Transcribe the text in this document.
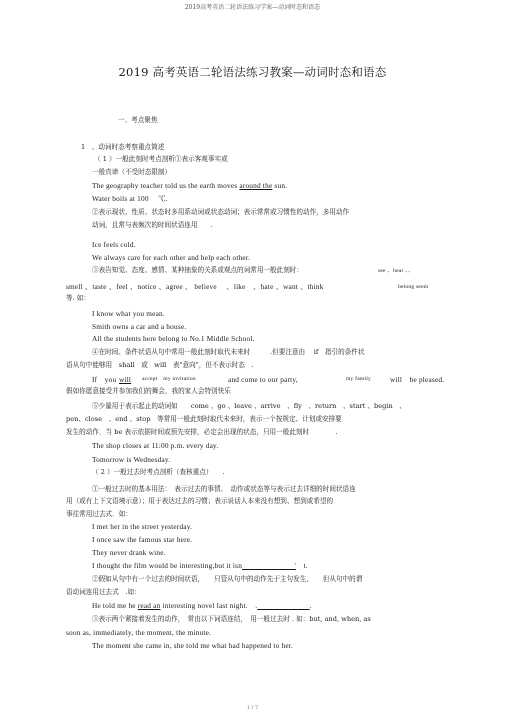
2019高考英语二轮语法练习学案—动词时态和语态
2019 高考英语二轮语法练习教案—动词时态和语态
一、考点聚焦
1　、动词时态考察重点简述
（ 1 ）一般此刻时考点剖析①表示客观事实或
一般真谛（不受时态限制）
The geography teacher told us the earth moves around the sun.
Water boils at 100　 ℃.
②表示现状、性质、状态时多用系动词或状态动词；表示常常或习惯性的动作，多用动作
动词，且常与表频次的时间状语连用　　.
Ice feels cold.
We always care for each other and help each other.
③表告知觉、态度、感情、某种抽象的关系或观点的词常用一般此刻时：	see 、hear 、、
smell 、taste 、feel 、notice 、agree 、 believe 　、like　、hate 、want 、think	belong seem
等. 如：
I know what you mean.
Smith owns a car and a house.
All the students here belong to No.1 Middle School.
④在时间、条件状语从句中常用一般此刻时取代未来时　　　.但要注意由　 if　指引的条件状
语从句中能够用　shall　或　will　表"意向"，但不表示时态　.
If　you will accept　my invitation	and come to our party,	my family	will　be pleased.
假如你愿意接受并参加我们的舞会，我的家人会特别快乐
⑤少量用于表示起止的动词如　　come 、go 、leave 、arrive　、fly　、return　、start 、begin　、
pen、close　、end 、stop　等常用一般此刻时取代未来时，表示一个按规定、计划或安排要
发生的动作．当 be 表示依据时间或预先安排，必定会出现的状态，只用一般此刻时　　　　.
The shop closes at 11:00 p.m. every day.
Tomorrow is Wednesday.
（ 2 ）一般过去时考点剖析（查核重点）　　.
①一般过去时的基本用法：　表示过去的事情、　动作或状态等与表示过去详细的时间状语连
用（或有上下文语境示意）；用于表达过去的习惯；表示说话人本来没有想到、想到或希望的
事往常用过去式．如：
I met her in the street yesterday.
I once saw the famous star here.
They never drank wine.
I thought the film would be interesting,but it isn　　　　　　　'　t.
②假如从句中有一个过去的时间状语，　　只管从句中的动作先于主句发生，　　但从句中的谓
语动词连用过去式　.如：
He told me he read an interesting novel last night.　.　　　　　　　	.
③表示两个紧接着发生的动作，　常由以下词语连结，　用一般过去时 . 如：but, and, when, as
soon as, immediately, the moment, the minute.
The moment she came in, she told me what had happened to her.
1 / 7
